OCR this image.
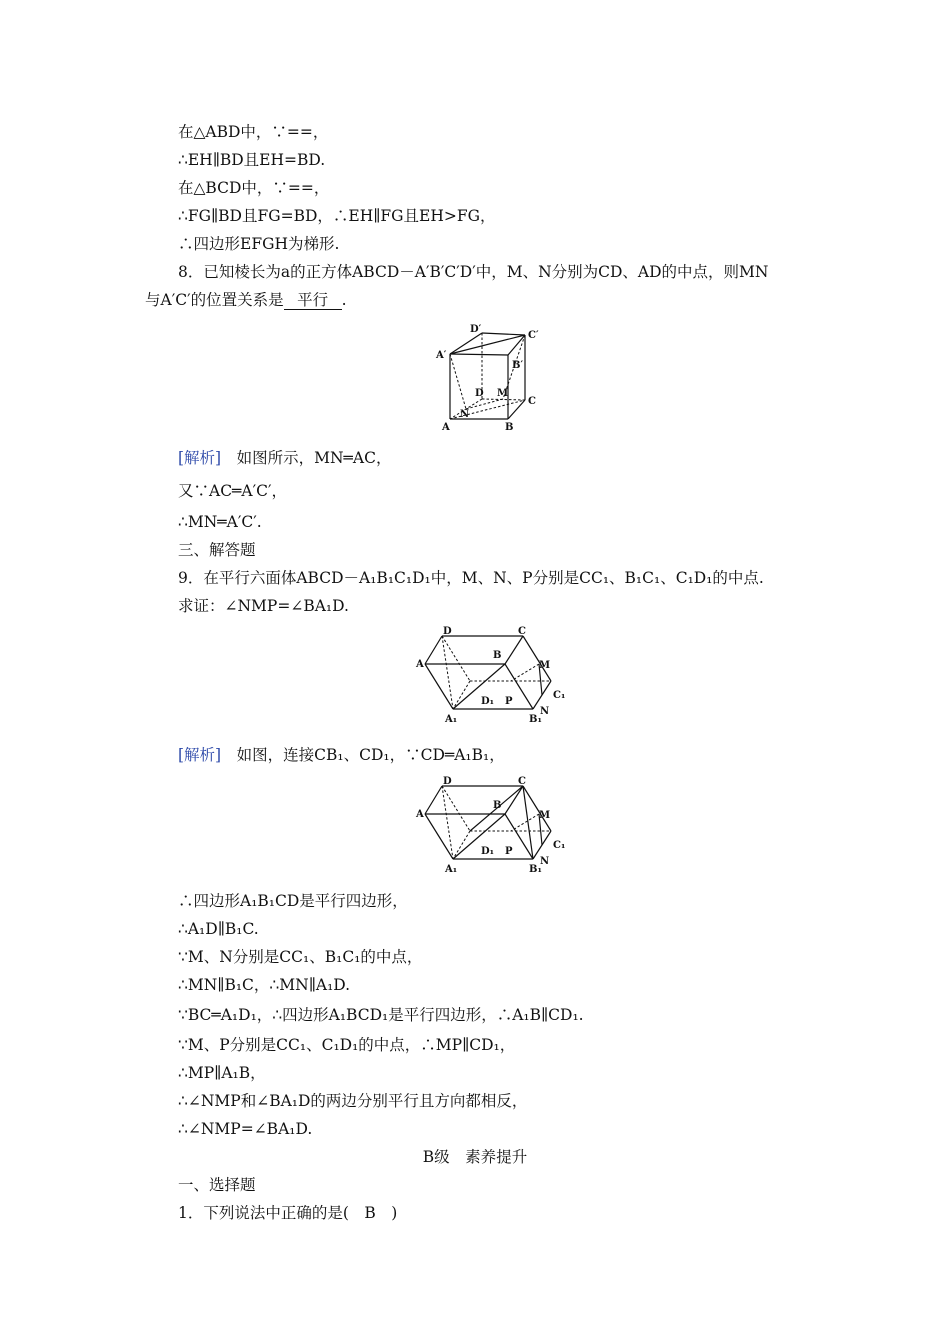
在△ABD中，∵==，
∴EH∥BD且EH=BD.
在△BCD中，∵==，
∴FG∥BD且FG=BD，∴EH∥FG且EH>FG，
∴四边形EFGH为梯形.
8．已知棱长为a的正方体ABCD－A′B′C′D′中，M、N分别为CD、AD的中点，则MN
与A′C′的位置关系是 平行 .
D′
C′
A′
B′
D M
C
N
A	B
[解析]　 如图所示，MN═AC，
又∵AC═A′C′，
∴MN═A′C′.
三、解答题
9．在平行六面体ABCD－A₁B₁C₁D₁中，M、N、P分别是CC₁、B₁C₁、C₁D₁的中点.
求证：∠NMP=∠BA₁D.
D	C
A
B
M
C₁
D₁ P
N
A₁	B₁
[解析]　 如图，连接CB₁、CD₁，∵CD═A₁B₁，
D	C
A
B
M
C₁
D₁ P
N
A₁	B₁
∴四边形A₁B₁CD是平行四边形，
∴A₁D∥B₁C.
∵M、N分别是CC₁、B₁C₁的中点，
∴MN∥B₁C，∴MN∥A₁D.
∵BC═A₁D₁，∴四边形A₁BCD₁是平行四边形，∴A₁B∥CD₁.
∵M、P分别是CC₁、C₁D₁的中点，∴MP∥CD₁，
∴MP∥A₁B，
∴∠NMP和∠BA₁D的两边分别平行且方向都相反，
∴∠NMP=∠BA₁D.
B级　素养提升
一、选择题
1．下列说法中正确的是(　B　)
